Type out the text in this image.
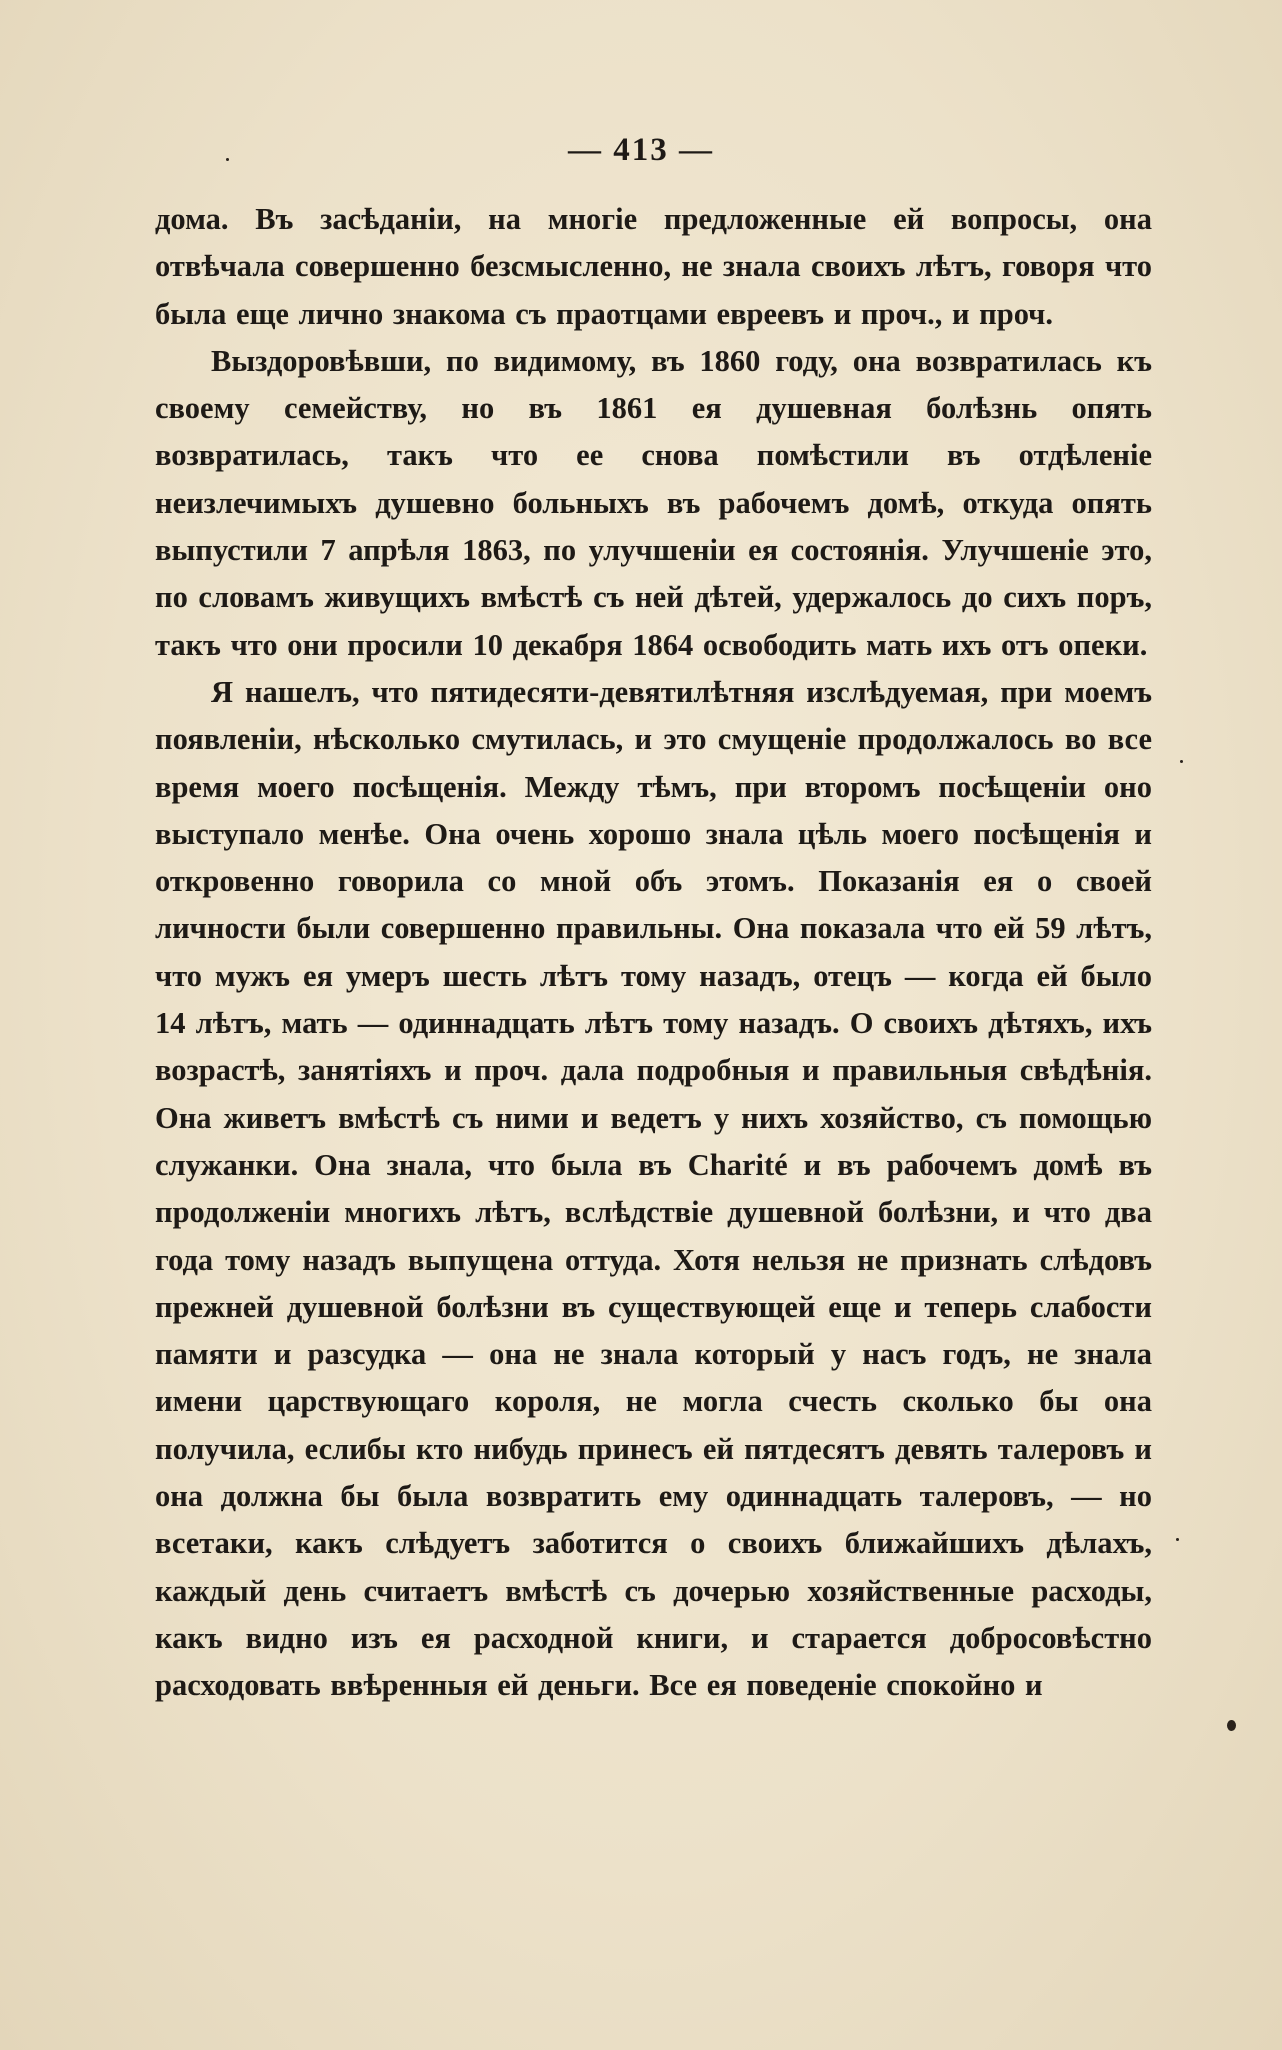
— 413 —

дома. Въ засѣданіи, на многіе предложенные ей вопросы, она отвѣчала совершенно безсмысленно, не знала своихъ лѣтъ, говоря что была еще лично знакома съ праотцами евреевъ и проч., и проч.

Выздоровѣвши, по видимому, въ 1860 году, она возвратилась къ своему семейству, но въ 1861 ея душевная болѣзнь опять возвратилась, такъ что ее снова помѣстили въ отдѣленіе неизлечимыхъ душевно больныхъ въ рабочемъ домѣ, откуда опять выпустили 7 апрѣля 1863, по улучшеніи ея состоянія. Улучшеніе это, по словамъ живущихъ вмѣстѣ съ ней дѣтей, удержалось до сихъ поръ, такъ что они просили 10 декабря 1864 освободить мать ихъ отъ опеки.

Я нашелъ, что пятидесяти-девятилѣтняя изслѣдуемая, при моемъ появленіи, нѣсколько смутилась, и это смущеніе продолжалось во все время моего посѣщенія. Между тѣмъ, при второмъ посѣщеніи оно выступало менѣе. Она очень хорошо знала цѣль моего посѣщенія и откровенно говорила со мной объ этомъ. Показанія ея о своей личности были совершенно правильны. Она показала что ей 59 лѣтъ, что мужъ ея умеръ шесть лѣтъ тому назадъ, отецъ — когда ей было 14 лѣтъ, мать — одиннадцать лѣтъ тому назадъ. О своихъ дѣтяхъ, ихъ возрастѣ, занятіяхъ и проч. дала подробныя и правильныя свѣдѣнія. Она живетъ вмѣстѣ съ ними и ведетъ у нихъ хозяйство, съ помощью служанки. Она знала, что была въ Charité и въ рабочемъ домѣ въ продолженіи многихъ лѣтъ, вслѣдствіе душевной болѣзни, и что два года тому назадъ выпущена оттуда. Хотя нельзя не признать слѣдовъ прежней душевной болѣзни въ существующей еще и теперь слабости памяти и разсудка — она не знала который у насъ годъ, не знала имени царствующаго короля, не могла счесть сколько бы она получила, еслибы кто нибудь принесъ ей пятдесятъ девять талеровъ и она должна бы была возвратить ему одиннадцать талеровъ, — но всетаки, какъ слѣдуетъ заботится о своихъ ближайшихъ дѣлахъ, каждый день считаетъ вмѣстѣ съ дочерью хозяйственные расходы, какъ видно изъ ея расходной книги, и старается добросовѣстно расходовать ввѣренныя ей деньги. Все ея поведеніе спокойно и
